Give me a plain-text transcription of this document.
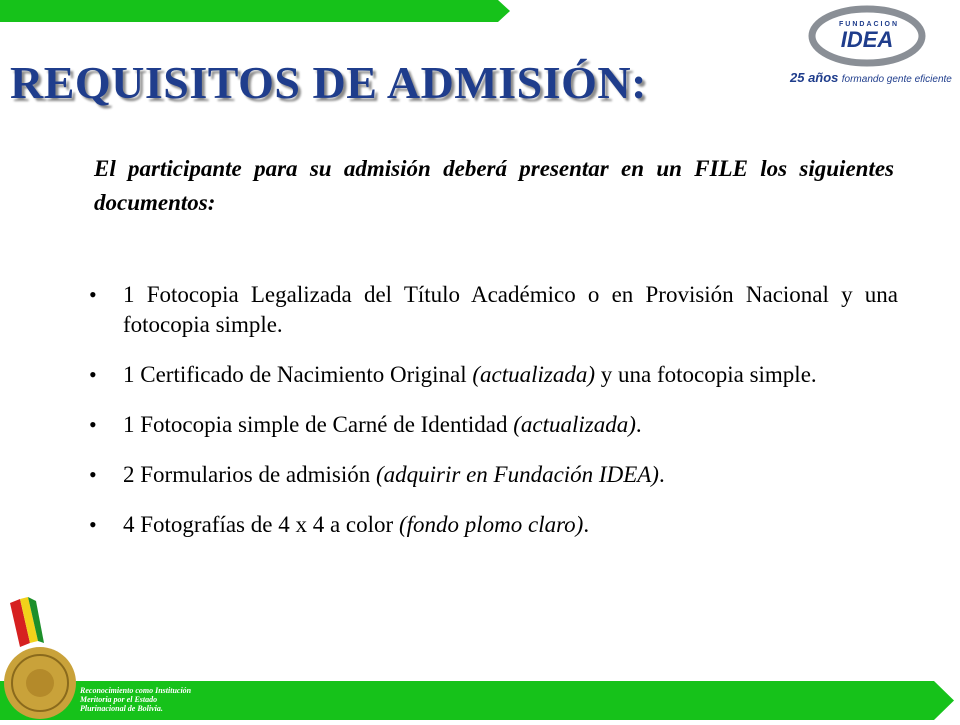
REQUISITOS DE ADMISIÓN:
FUNDACION
IDEA
25 años formando gente eficiente
El participante para su admisión deberá presentar en un FILE los siguientes documentos:
• 1 Fotocopia Legalizada del Título Académico o en Provisión Nacional y una fotocopia simple.
• 1 Certificado de Nacimiento Original (actualizada) y una fotocopia simple.
• 1 Fotocopia simple de Carné de Identidad (actualizada).
• 2 Formularios de admisión (adquirir en Fundación IDEA).
• 4 Fotografías de 4 x 4 a color (fondo plomo claro).
Reconocimiento como Institución
Meritoria por el Estado
Plurinacional de Bolivia.
